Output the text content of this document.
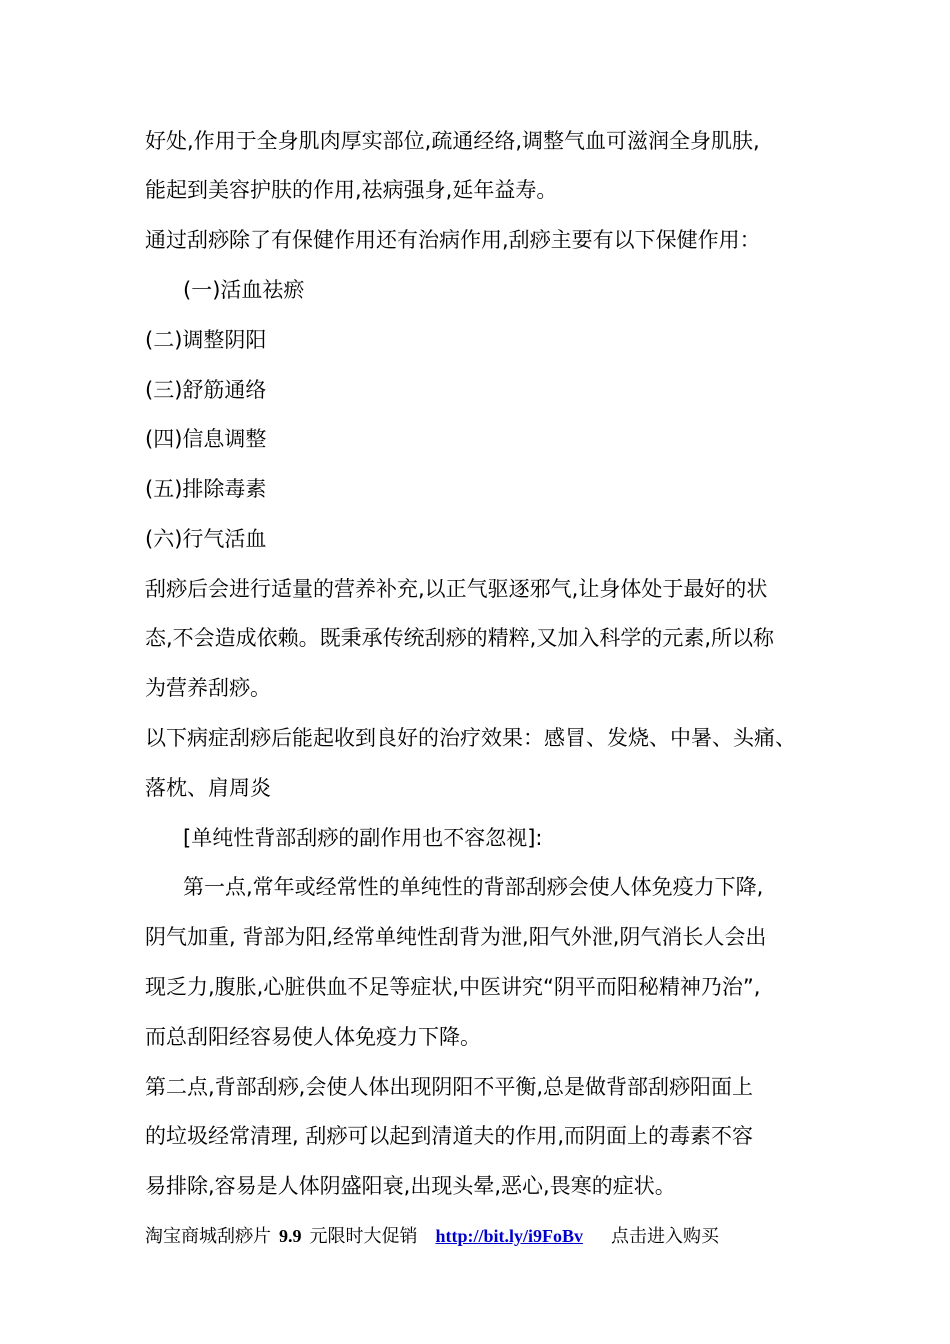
好处,作用于全身肌肉厚实部位,疏通经络,调整气血可滋润全身肌肤,
能起到美容护肤的作用,祛病强身,延年益寿。
通过刮痧除了有保健作用还有治病作用,刮痧主要有以下保健作用：
(一)活血祛瘀
(二)调整阴阳
(三)舒筋通络
(四)信息调整
(五)排除毒素
(六)行气活血
刮痧后会进行适量的营养补充,以正气驱逐邪气,让身体处于最好的状
态,不会造成依赖。既秉承传统刮痧的精粹,又加入科学的元素,所以称
为营养刮痧。
以下病症刮痧后能起收到良好的治疗效果：感冒、发烧、中暑、头痛、
落枕、肩周炎
[单纯性背部刮痧的副作用也不容忽视]:
第一点,常年或经常性的单纯性的背部刮痧会使人体免疫力下降,
阴气加重, 背部为阳,经常单纯性刮背为泄,阳气外泄,阴气消长人会出
现乏力,腹胀,心脏供血不足等症状,中医讲究“阴平而阳秘精神乃治”,
而总刮阳经容易使人体免疫力下降。
第二点,背部刮痧,会使人体出现阴阳不平衡,总是做背部刮痧阳面上
的垃圾经常清理, 刮痧可以起到清道夫的作用,而阴面上的毒素不容
易排除,容易是人体阴盛阳衰,出现头晕,恶心,畏寒的症状。
淘宝商城刮痧片 9.9 元限时大促销 http://bit.ly/i9FoBv 点击进入购买
